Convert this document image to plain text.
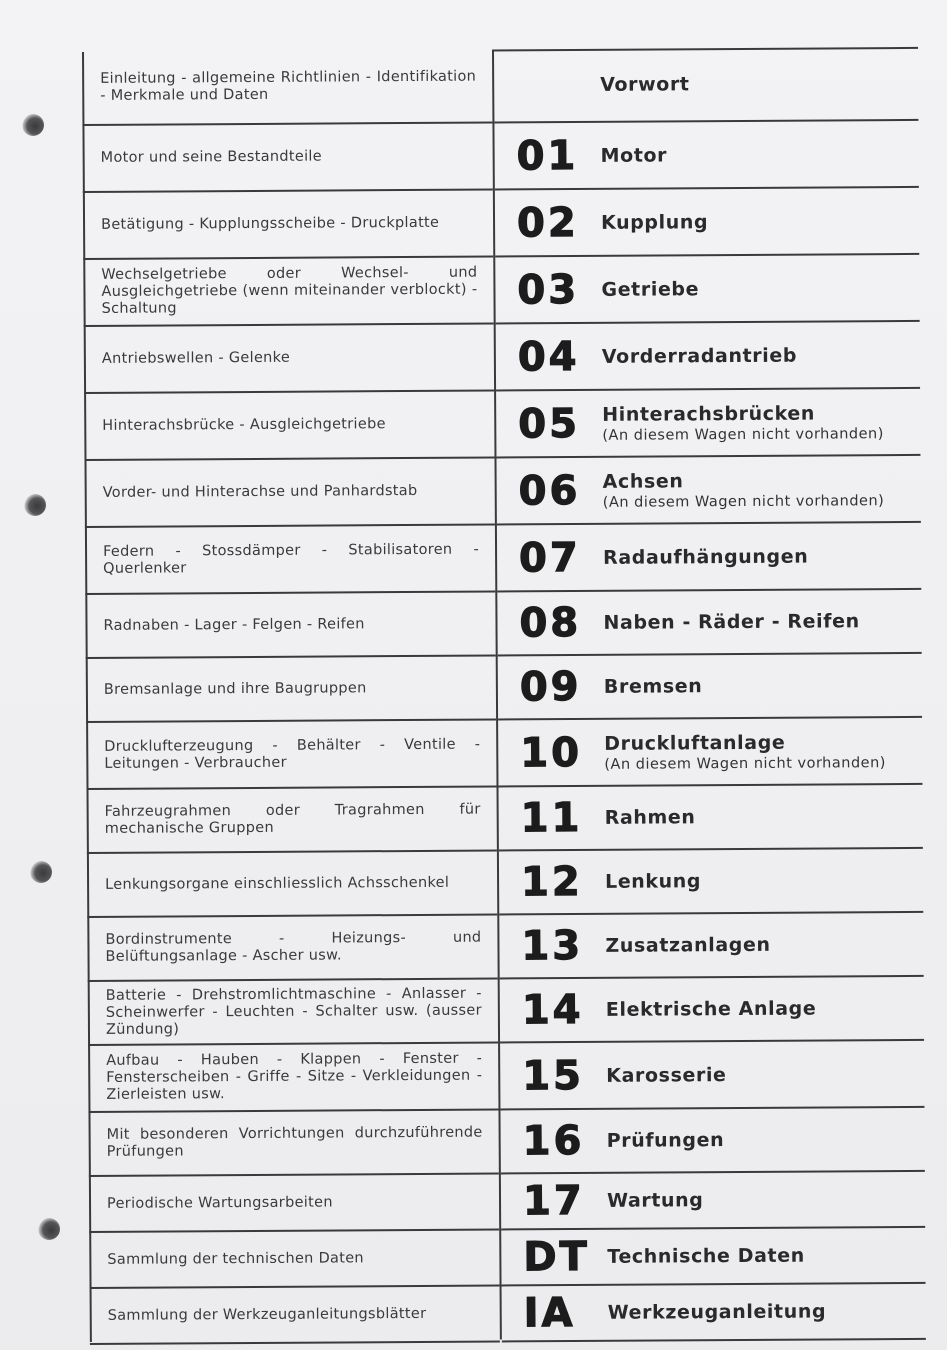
Einleitung - allgemeine Richtlinien - Identifikation - Merkmale und Daten	Vorwort
Motor und seine Bestandteile	01	Motor
Betätigung - Kupplungsscheibe - Druckplatte	02	Kupplung
Wechselgetriebe oder Wechsel- und Ausgleichgetriebe (wenn miteinander verblockt) - Schaltung	03	Getriebe
Antriebswellen - Gelenke	04	Vorderradantrieb
Hinterachsbrücke - Ausgleichgetriebe	05	Hinterachsbrücken
(An diesem Wagen nicht vorhanden)
Vorder- und Hinterachse und Panhardstab	06	Achsen
(An diesem Wagen nicht vorhanden)
Federn - Stossdämper - Stabilisatoren - Querlenker	07	Radaufhängungen
Radnaben - Lager - Felgen - Reifen	08	Naben - Räder - Reifen
Bremsanlage und ihre Baugruppen	09	Bremsen
Drucklufterzeugung - Behälter - Ventile - Leitungen - Verbraucher	10	Druckluftanlage
(An diesem Wagen nicht vorhanden)
Fahrzeugrahmen oder Tragrahmen für mechanische Gruppen	11	Rahmen
Lenkungsorgane einschliesslich Achsschenkel	12	Lenkung
Bordinstrumente - Heizungs- und Belüftungsanlage - Ascher usw.	13	Zusatzanlagen
Batterie - Drehstromlichtmaschine - Anlasser - Scheinwerfer - Leuchten - Schalter usw. (ausser Zündung)	14	Elektrische Anlage
Aufbau - Hauben - Klappen - Fenster - Fensterscheiben - Griffe - Sitze - Verkleidungen - Zierleisten usw.	15	Karosserie
Mit besonderen Vorrichtungen durchzuführende Prüfungen	16	Prüfungen
Periodische Wartungsarbeiten	17	Wartung
Sammlung der technischen Daten	DT Technische Daten
Sammlung der Werkzeuganleitungsblätter	IA	Werkzeuganleitung
